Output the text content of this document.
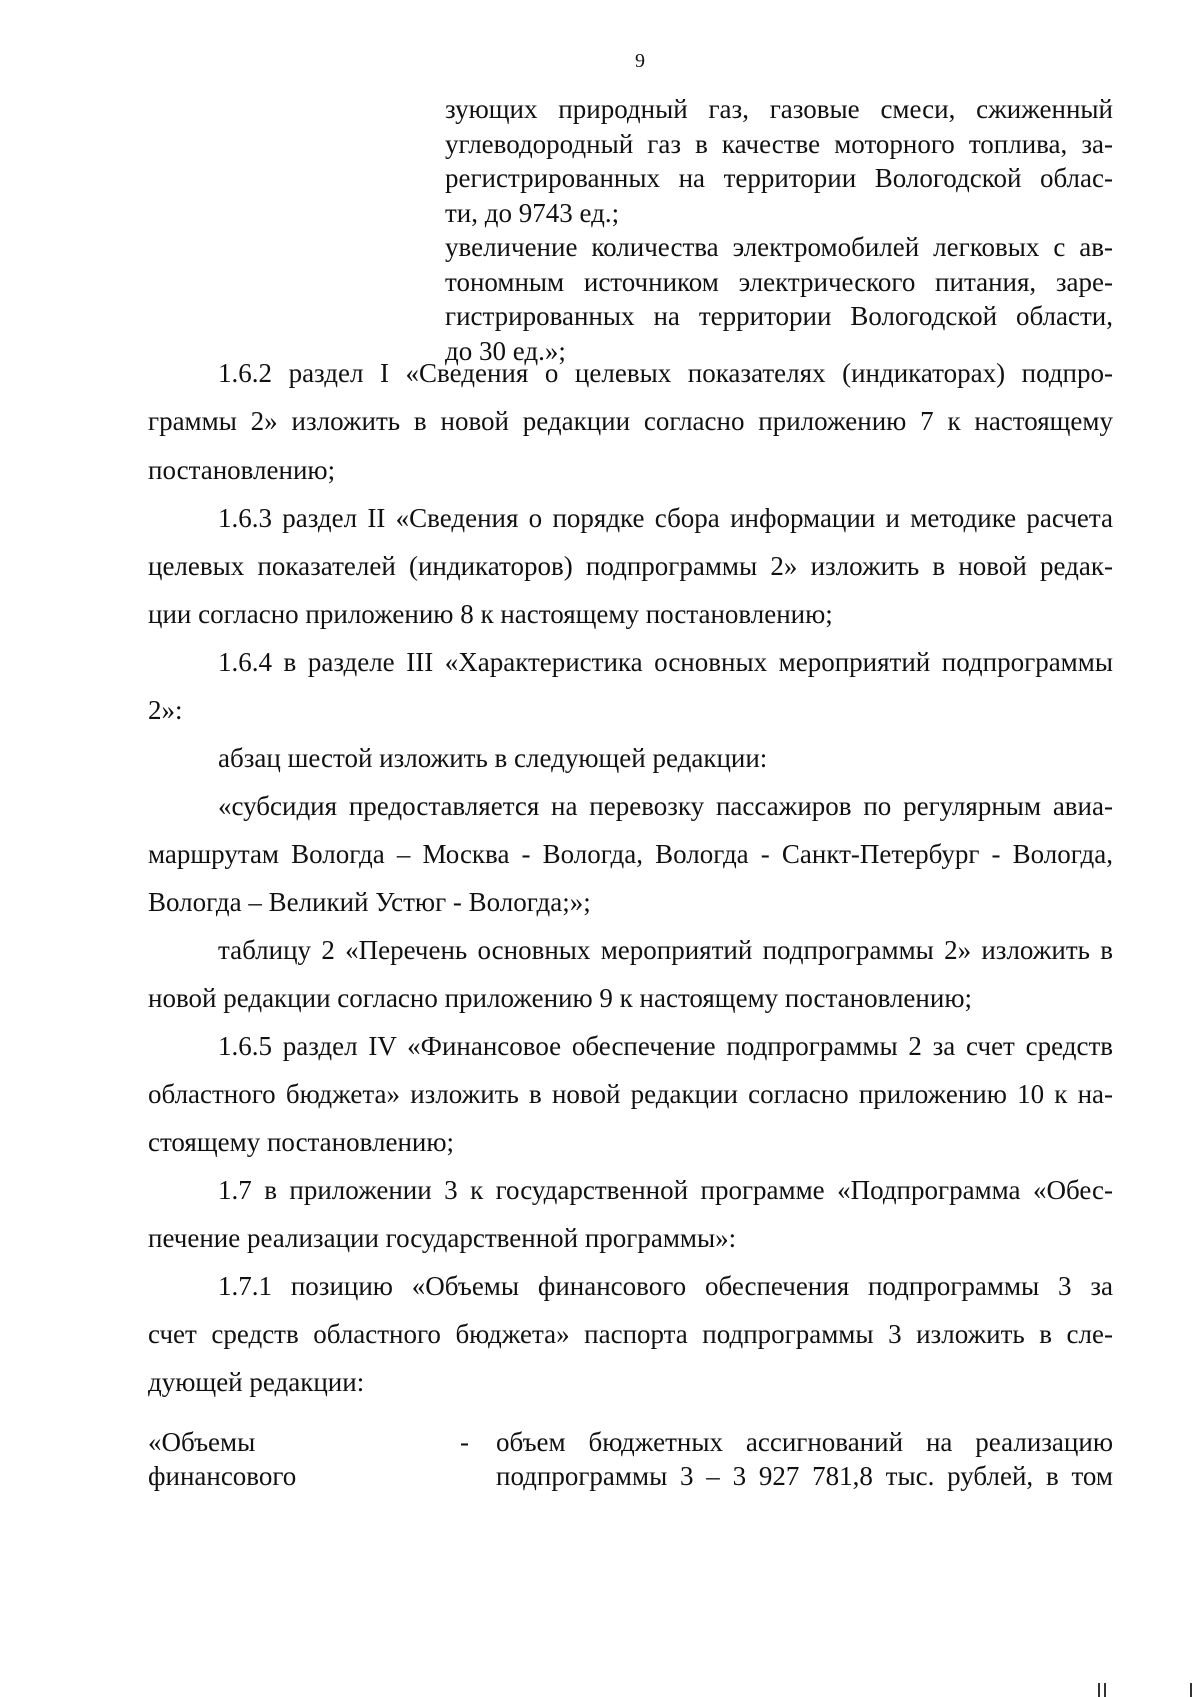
9
зующих природный газ, газовые смеси, сжиженный
углеводородный газ в качестве моторного топлива, за-
регистрированных на территории Вологодской облас-
ти, до 9743 ед.;
увеличение количества электромобилей легковых с ав-
тономным источником электрического питания, заре-
гистрированных на территории Вологодской области,
до 30 ед.»;
1.6.2 раздел I «Сведения о целевых показателях (индикаторах) подпро-
граммы 2» изложить в новой редакции согласно приложению 7 к настоящему
постановлению;
1.6.3 раздел II «Сведения о порядке сбора информации и методике расчета
целевых показателей (индикаторов) подпрограммы 2» изложить в новой редак-
ции согласно приложению 8 к настоящему постановлению;
1.6.4 в разделе III «Характеристика основных мероприятий подпрограммы
2»:
абзац шестой изложить в следующей редакции:
«субсидия предоставляется на перевозку пассажиров по регулярным авиа-
маршрутам Вологда – Москва - Вологда, Вологда - Санкт-Петербург - Вологда,
Вологда – Великий Устюг - Вологда;»;
таблицу 2 «Перечень основных мероприятий подпрограммы 2» изложить в
новой редакции согласно приложению 9 к настоящему постановлению;
1.6.5 раздел IV «Финансовое обеспечение подпрограммы 2 за счет средств
областного бюджета» изложить в новой редакции согласно приложению 10 к на-
стоящему постановлению;
1.7 в приложении 3 к государственной программе «Подпрограмма «Обес-
печение реализации государственной программы»:
1.7.1 позицию «Объемы финансового обеспечения подпрограммы 3 за
счет средств областного бюджета» паспорта подпрограммы 3 изложить в сле-
дующей редакции:
«Объемы
финансового
- объем бюджетных ассигнований на реализацию
подпрограммы 3 – 3 927 781,8 тыс. рублей, в том
